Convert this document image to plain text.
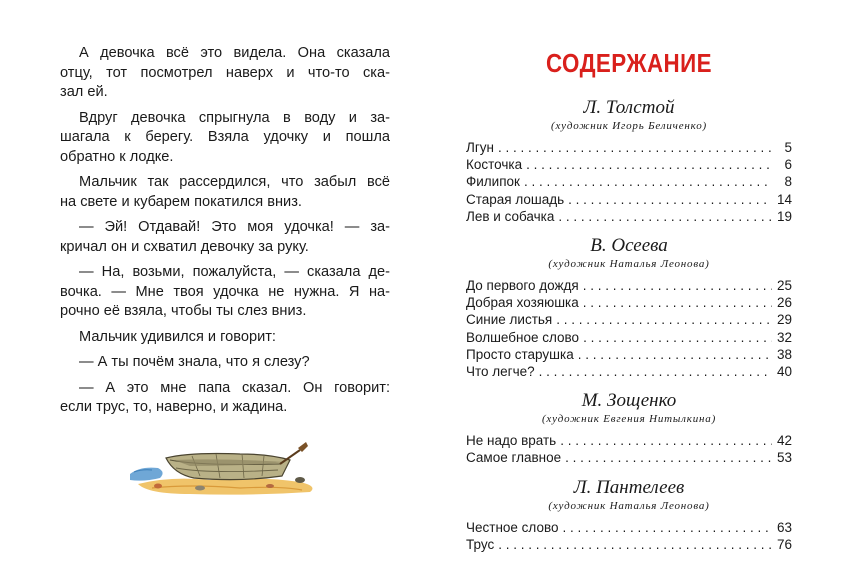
А девочка всё это видела. Она сказала
отцу, тот посмотрел наверх и что-то ска-
зал ей.

Вдруг девочка спрыгнула в воду и за-
шагала к берегу. Взяла удочку и пошла
обратно к лодке.

Мальчик так рассердился, что забыл всё
на свете и кубарем покатился вниз.

— Эй! Отдавай! Это моя удочка! — за-
кричал он и схватил девочку за руку.

— На, возьми, пожалуйста, — сказала де-
вочка. — Мне твоя удочка не нужна. Я на-
рочно её взяла, чтобы ты слез вниз.

Мальчик удивился и говорит:

— А ты почём знала, что я слезу?

— А это мне папа сказал. Он говорит:
если трус, то, наверно, и жадина.

СОДЕРЖАНИЕ

Л. Толстой

(художник Игорь Беличенко)

Лгун . . .	5
Косточка . . .	6
Филипок . . .	8
Старая лошадь . . .	14
Лев и собачка . . .	19

В. Осеева

(художник Наталья Леонова)

До первого дождя . . .	25
Добрая хозяюшка . . .	26
Синие листья . . .	29
Волшебное слово . . .	32
Просто старушка . . .	38
Что легче? . . .	40

М. Зощенко

(художник Евгения Нитылкина)

Не надо врать . . .	42
Самое главное . . .	53

Л. Пантелеев

(художник Наталья Леонова)

Честное слово . . .	63
Трус . . .	76
